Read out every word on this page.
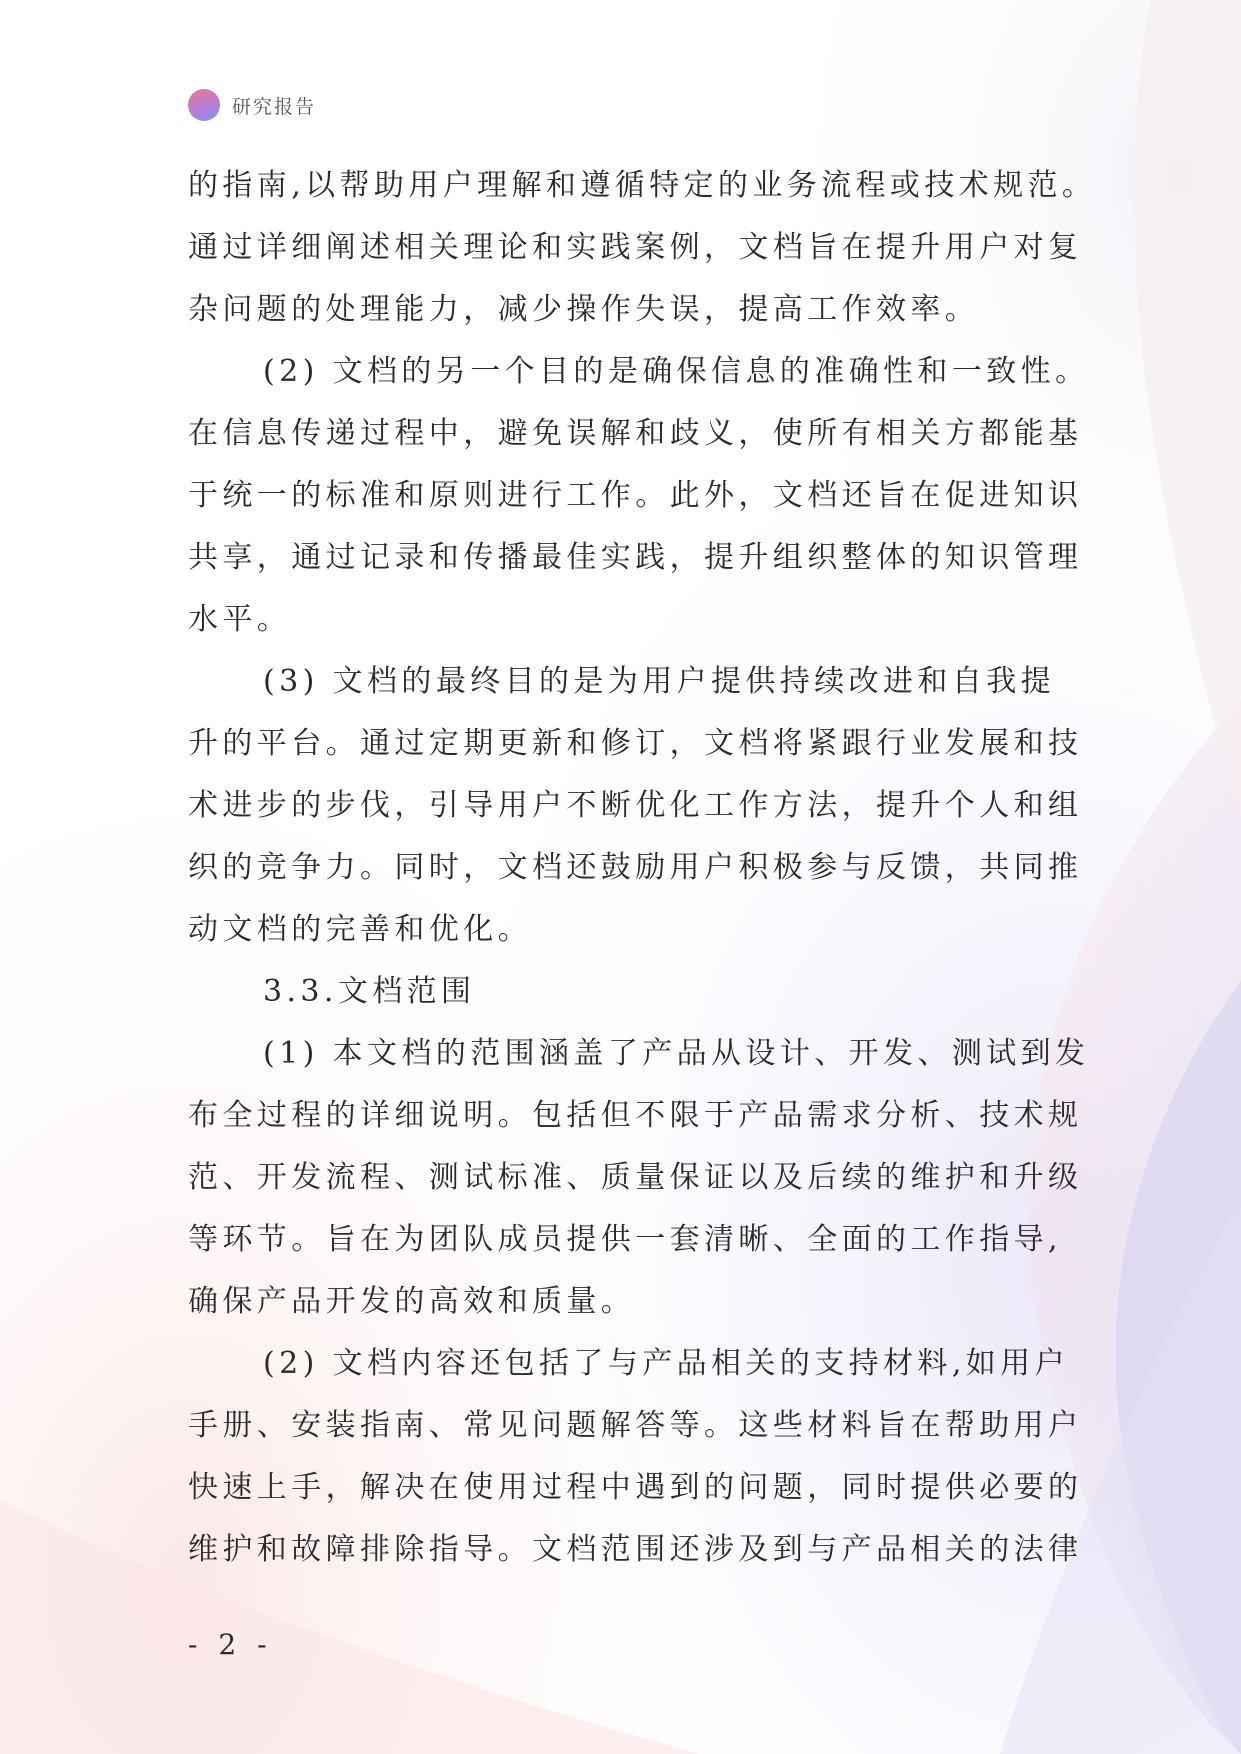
研究报告
的指南,以帮助用户理解和遵循特定的业务流程或技术规范。
通过详细阐述相关理论和实践案例，文档旨在提升用户对复
杂问题的处理能力，减少操作失误，提高工作效率。
(2) 文档的另一个目的是确保信息的准确性和一致性。
在信息传递过程中，避免误解和歧义，使所有相关方都能基
于统一的标准和原则进行工作。此外，文档还旨在促进知识
共享，通过记录和传播最佳实践，提升组织整体的知识管理
水平。
(3) 文档的最终目的是为用户提供持续改进和自我提
升的平台。通过定期更新和修订，文档将紧跟行业发展和技
术进步的步伐，引导用户不断优化工作方法，提升个人和组
织的竞争力。同时，文档还鼓励用户积极参与反馈，共同推
动文档的完善和优化。
3.3.文档范围
(1) 本文档的范围涵盖了产品从设计、开发、测试到发
布全过程的详细说明。包括但不限于产品需求分析、技术规
范、开发流程、测试标准、质量保证以及后续的维护和升级
等环节。旨在为团队成员提供一套清晰、全面的工作指导,
确保产品开发的高效和质量。
(2) 文档内容还包括了与产品相关的支持材料,如用户
手册、安装指南、常见问题解答等。这些材料旨在帮助用户
快速上手，解决在使用过程中遇到的问题，同时提供必要的
维护和故障排除指导。文档范围还涉及到与产品相关的法律
- 2 -
